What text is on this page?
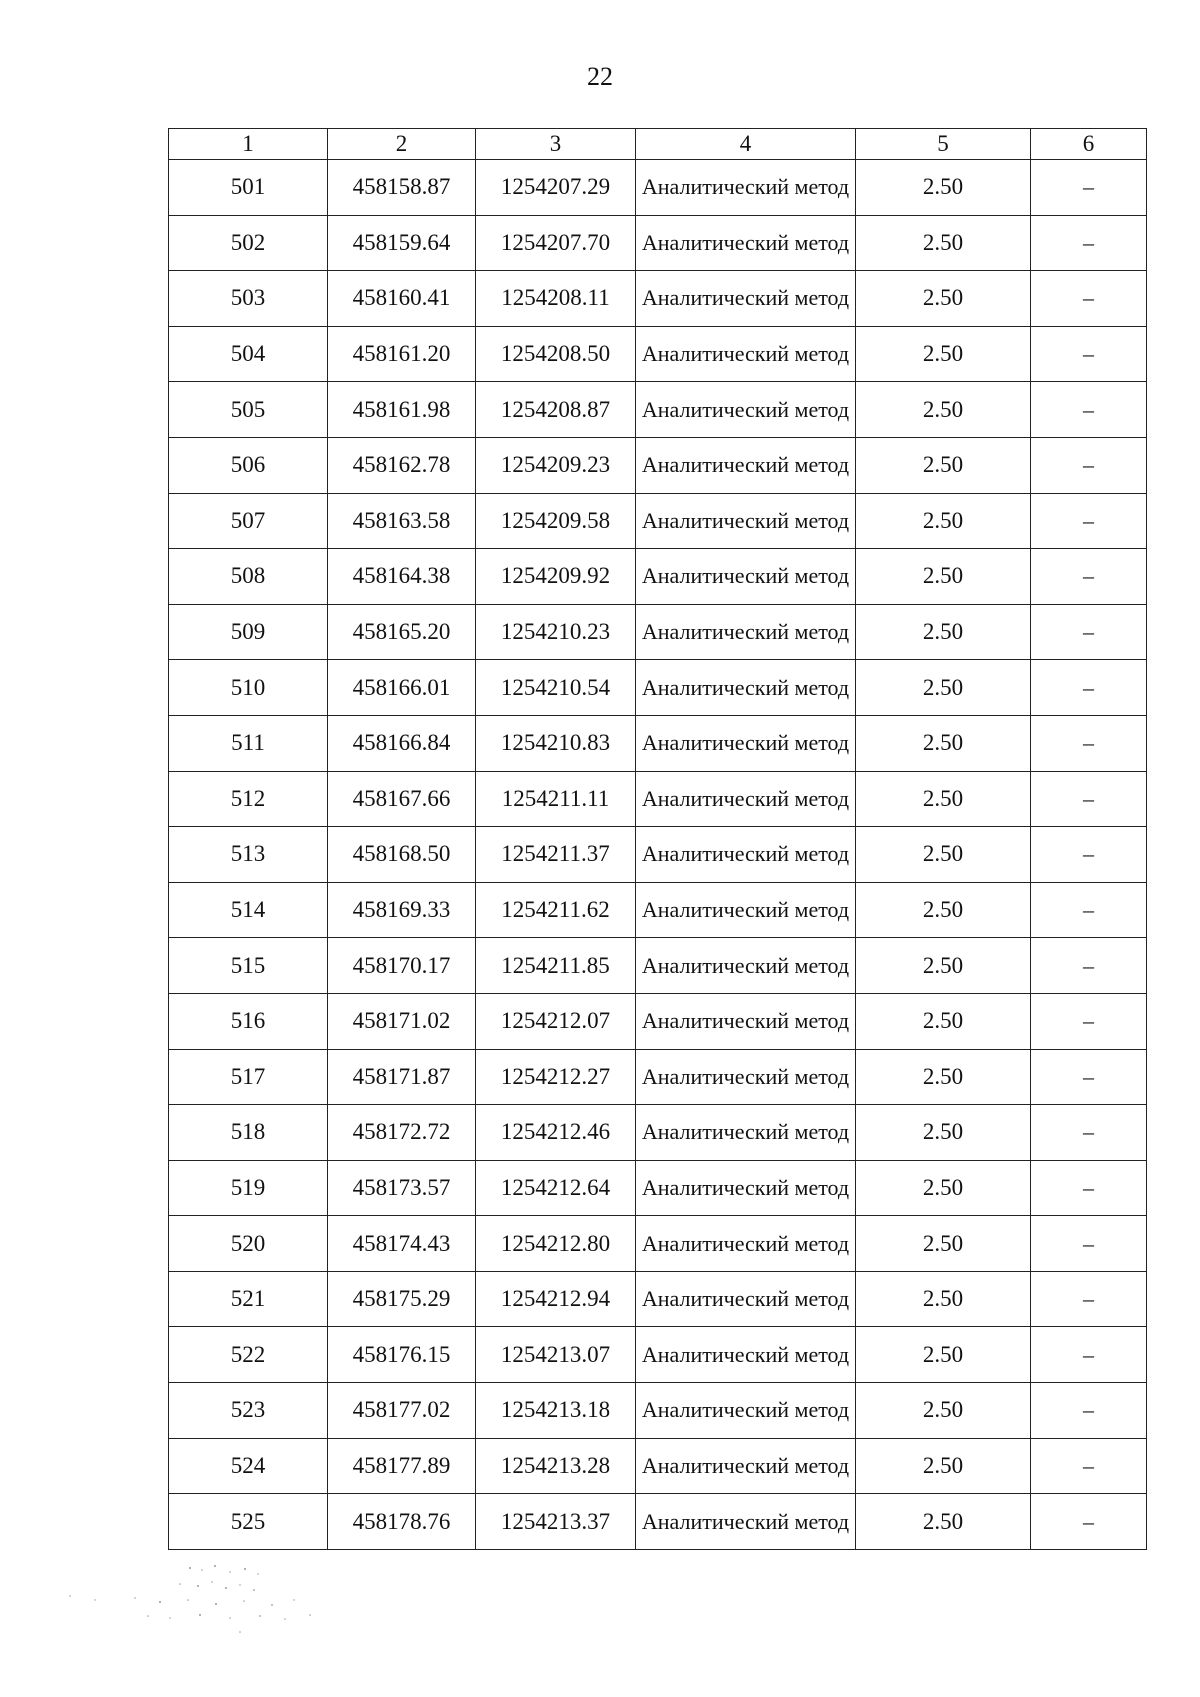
22
1	2	3	4	5	6
501	458158.87	1254207.29	Аналитический метод	2.50	–
502	458159.64	1254207.70	Аналитический метод	2.50	–
503	458160.41	1254208.11	Аналитический метод	2.50	–
504	458161.20	1254208.50	Аналитический метод	2.50	–
505	458161.98	1254208.87	Аналитический метод	2.50	–
506	458162.78	1254209.23	Аналитический метод	2.50	–
507	458163.58	1254209.58	Аналитический метод	2.50	–
508	458164.38	1254209.92	Аналитический метод	2.50	–
509	458165.20	1254210.23	Аналитический метод	2.50	–
510	458166.01	1254210.54	Аналитический метод	2.50	–
511	458166.84	1254210.83	Аналитический метод	2.50	–
512	458167.66	1254211.11	Аналитический метод	2.50	–
513	458168.50	1254211.37	Аналитический метод	2.50	–
514	458169.33	1254211.62	Аналитический метод	2.50	–
515	458170.17	1254211.85	Аналитический метод	2.50	–
516	458171.02	1254212.07	Аналитический метод	2.50	–
517	458171.87	1254212.27	Аналитический метод	2.50	–
518	458172.72	1254212.46	Аналитический метод	2.50	–
519	458173.57	1254212.64	Аналитический метод	2.50	–
520	458174.43	1254212.80	Аналитический метод	2.50	–
521	458175.29	1254212.94	Аналитический метод	2.50	–
522	458176.15	1254213.07	Аналитический метод	2.50	–
523	458177.02	1254213.18	Аналитический метод	2.50	–
524	458177.89	1254213.28	Аналитический метод	2.50	–
525	458178.76	1254213.37	Аналитический метод	2.50	–
